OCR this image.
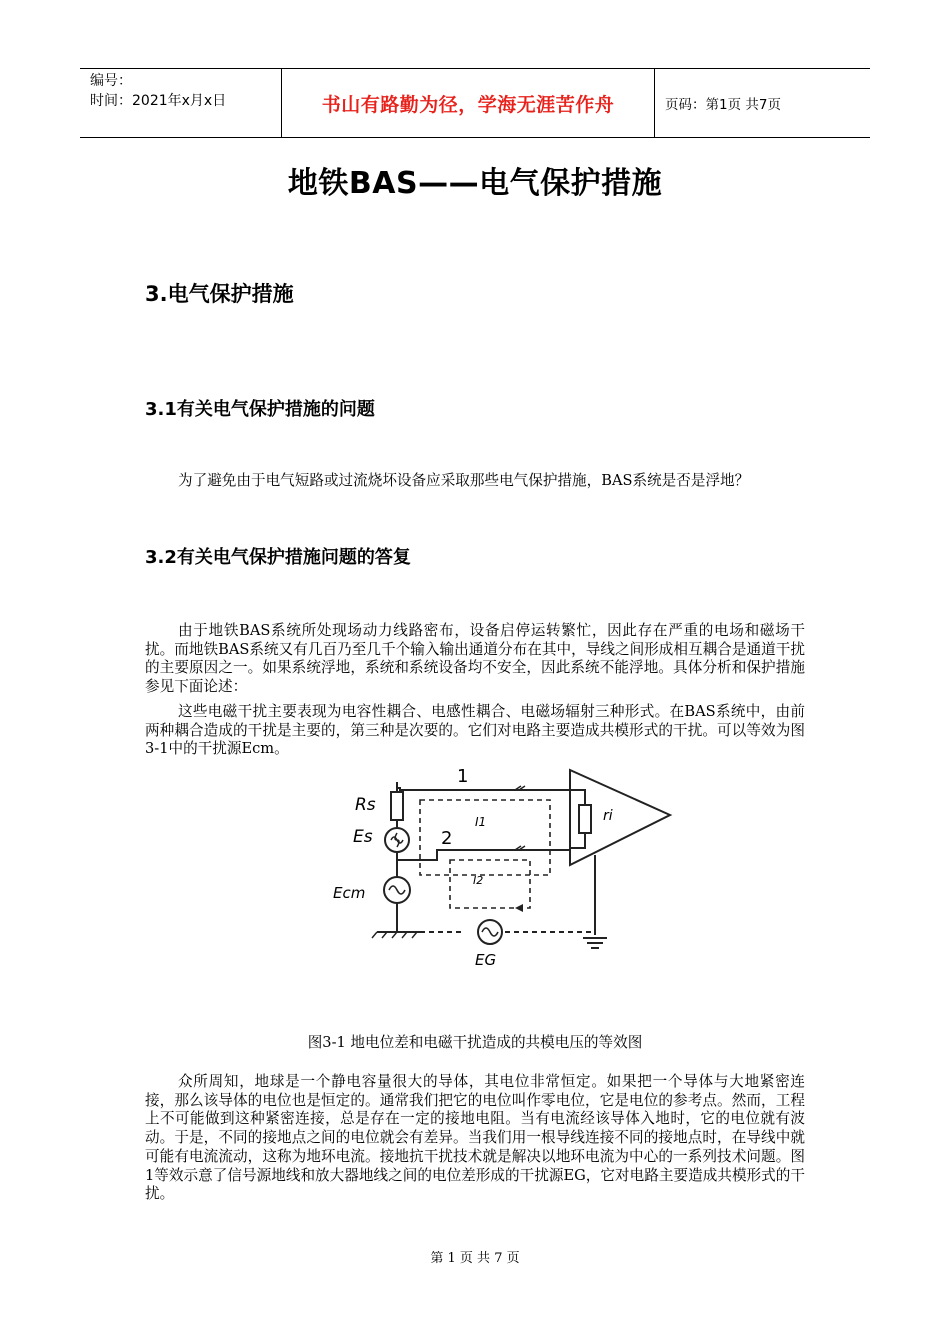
编号：
时间：2021年x月x日	书山有路勤为径，学海无涯苦作舟	页码：第1页 共7页
地铁BAS——电气保护措施
3.电气保护措施
3.1有关电气保护措施的问题
为了避免由于电气短路或过流烧坏设备应采取那些电气保护措施，BAS系统是否是浮地？
3.2有关电气保护措施问题的答复
由于地铁BAS系统所处现场动力线路密布，设备启停运转繁忙，因此存在严重的电场和磁场干扰。而地铁BAS系统又有几百乃至几千个输入输出通道分布在其中，导线之间形成相互耦合是通道干扰的主要原因之一。如果系统浮地，系统和系统设备均不安全，因此系统不能浮地。具体分析和保护措施参见下面论述：
这些电磁干扰主要表现为电容性耦合、电感性耦合、电磁场辐射三种形式。在BAS系统中，由前两种耦合造成的干扰是主要的，第三种是次要的。它们对电路主要造成共模形式的干扰。可以等效为图3-1中的干扰源Ecm。
1
2
Rs
Es
Ecm
EG
ri
I1
I2
图3-1 地电位差和电磁干扰造成的共模电压的等效图
众所周知，地球是一个静电容量很大的导体，其电位非常恒定。如果把一个导体与大地紧密连接，那么该导体的电位也是恒定的。通常我们把它的电位叫作零电位，它是电位的参考点。然而，工程上不可能做到这种紧密连接，总是存在一定的接地电阻。当有电流经该导体入地时，它的电位就有波动。于是，不同的接地点之间的电位就会有差异。当我们用一根导线连接不同的接地点时，在导线中就可能有电流流动，这称为地环电流。接地抗干扰技术就是解决以地环电流为中心的一系列技术问题。图1等效示意了信号源地线和放大器地线之间的电位差形成的干扰源EG，它对电路主要造成共模形式的干扰。
第 1 页 共 7 页
